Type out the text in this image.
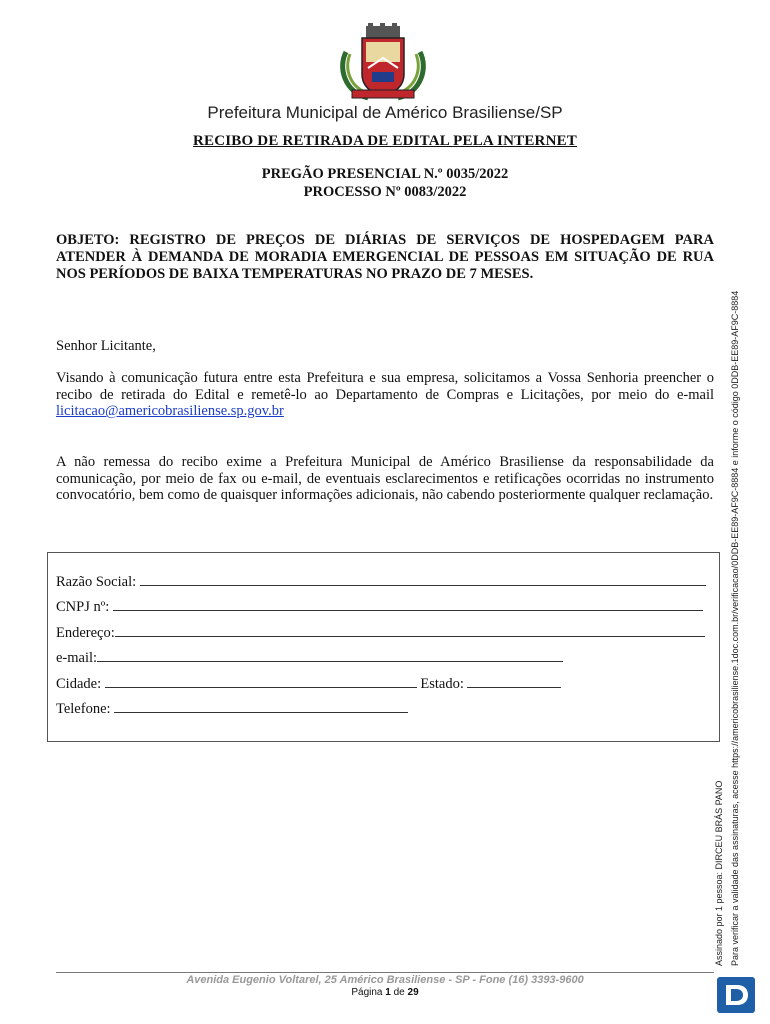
Prefeitura Municipal de Américo Brasiliense/SP
RECIBO DE RETIRADA DE EDITAL PELA INTERNET
PREGÃO PRESENCIAL N.º 0035/2022
PROCESSO Nº 0083/2022
OBJETO: REGISTRO DE PREÇOS DE DIÁRIAS DE SERVIÇOS DE HOSPEDAGEM PARA ATENDER À DEMANDA DE MORADIA EMERGENCIAL DE PESSOAS EM SITUAÇÃO DE RUA NOS PERÍODOS DE BAIXA TEMPERATURAS NO PRAZO DE 7 MESES.
Senhor Licitante,
Visando à comunicação futura entre esta Prefeitura e sua empresa, solicitamos a Vossa Senhoria preencher o recibo de retirada do Edital e remetê-lo ao Departamento de Compras e Licitações, por meio do e-mail licitacao@americobrasiliense.sp.gov.br
A não remessa do recibo exime a Prefeitura Municipal de Américo Brasiliense da responsabilidade da comunicação, por meio de fax ou e-mail, de eventuais esclarecimentos e retificações ocorridas no instrumento convocatório, bem como de quaisquer informações adicionais, não cabendo posteriormente qualquer reclamação.
Razão Social:
CNPJ nº:
Endereço:
e-mail:
Cidade:	Estado:
Telefone:
Assinado por 1 pessoa: DIRCEU BRÁS PANO Para verificar a validade das assinaturas, acesse https://americobrasiliense.1doc.com.br/verificacao/0DDB-EE89-AF9C-8884 e informe o código 0DDB-EE89-AF9C-8884
Avenida Eugenio Voltarel, 25 Américo Brasiliense - SP - Fone (16) 3393-9600
Página 1 de 29
